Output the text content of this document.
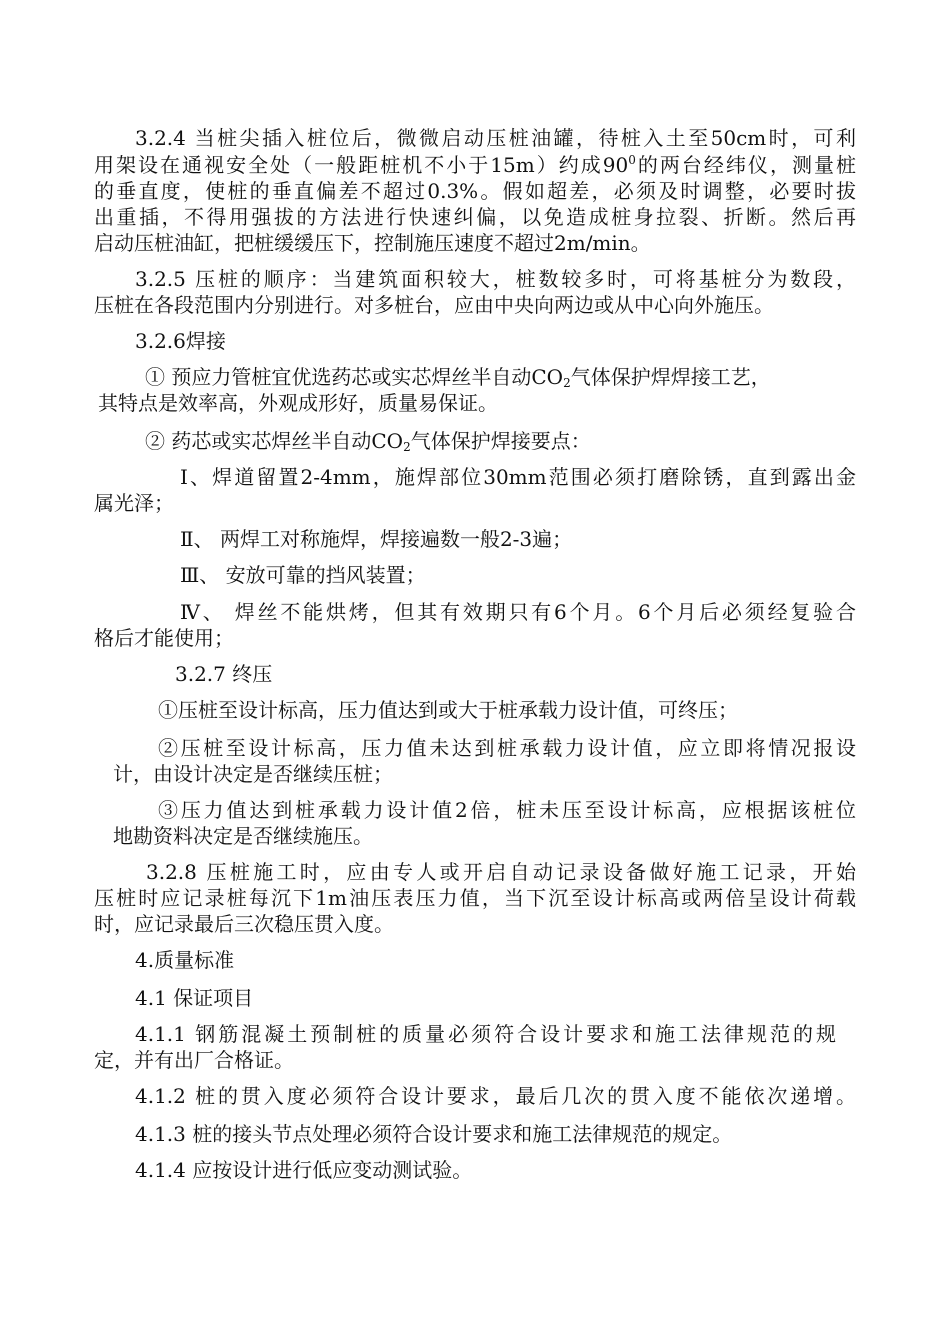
3.2.4 当桩尖插入桩位后，微微启动压桩油罐，待桩入土至50cm时，可利

用架设在通视安全处（一般距桩机不小于15m）约成$90^0$的两台经纬仪，测量桩

的垂直度，使桩的垂直偏差不超过0.3%。假如超差，必须及时调整，必要时拔

出重插，不得用强拔的方法进行快速纠偏，以免造成桩身拉裂、折断。然后再

启动压桩油缸，把桩缓缓压下，控制施压速度不超过2m/min。

3.2.5 压桩的顺序：当建筑面积较大，桩数较多时，可将基桩分为数段，

压桩在各段范围内分别进行。对多桩台，应由中央向两边或从中心向外施压。

3.2.6焊接

① 预应力管桩宜优选药芯或实芯焊丝半自动$CO_2$气体保护焊焊接工艺，

其特点是效率高，外观成形好，质量易保证。

② 药芯或实芯焊丝半自动$CO_2$气体保护焊接要点：

Ⅰ、焊道留置2-4mm，施焊部位30mm范围必须打磨除锈，直到露出金

属光泽；

Ⅱ、 两焊工对称施焊，焊接遍数一般2-3遍；

Ⅲ、 安放可靠的挡风装置；

Ⅳ、 焊丝不能烘烤，但其有效期只有6个月。6个月后必须经复验合

格后才能使用；

3.2.7 终压

①压桩至设计标高，压力值达到或大于桩承载力设计值，可终压；

②压桩至设计标高，压力值未达到桩承载力设计值，应立即将情况报设

计，由设计决定是否继续压桩；

③压力值达到桩承载力设计值2倍，桩未压至设计标高，应根据该桩位

地勘资料决定是否继续施压。

3.2.8 压桩施工时，应由专人或开启自动记录设备做好施工记录，开始

压桩时应记录桩每沉下1m油压表压力值，当下沉至设计标高或两倍呈设计荷载

时，应记录最后三次稳压贯入度。

4.质量标准

4.1 保证项目

4.1.1 钢筋混凝土预制桩的质量必须符合设计要求和施工法律规范的规

定，并有出厂合格证。

4.1.2 桩的贯入度必须符合设计要求，最后几次的贯入度不能依次递增。

4.1.3 桩的接头节点处理必须符合设计要求和施工法律规范的规定。

4.1.4 应按设计进行低应变动测试验。
